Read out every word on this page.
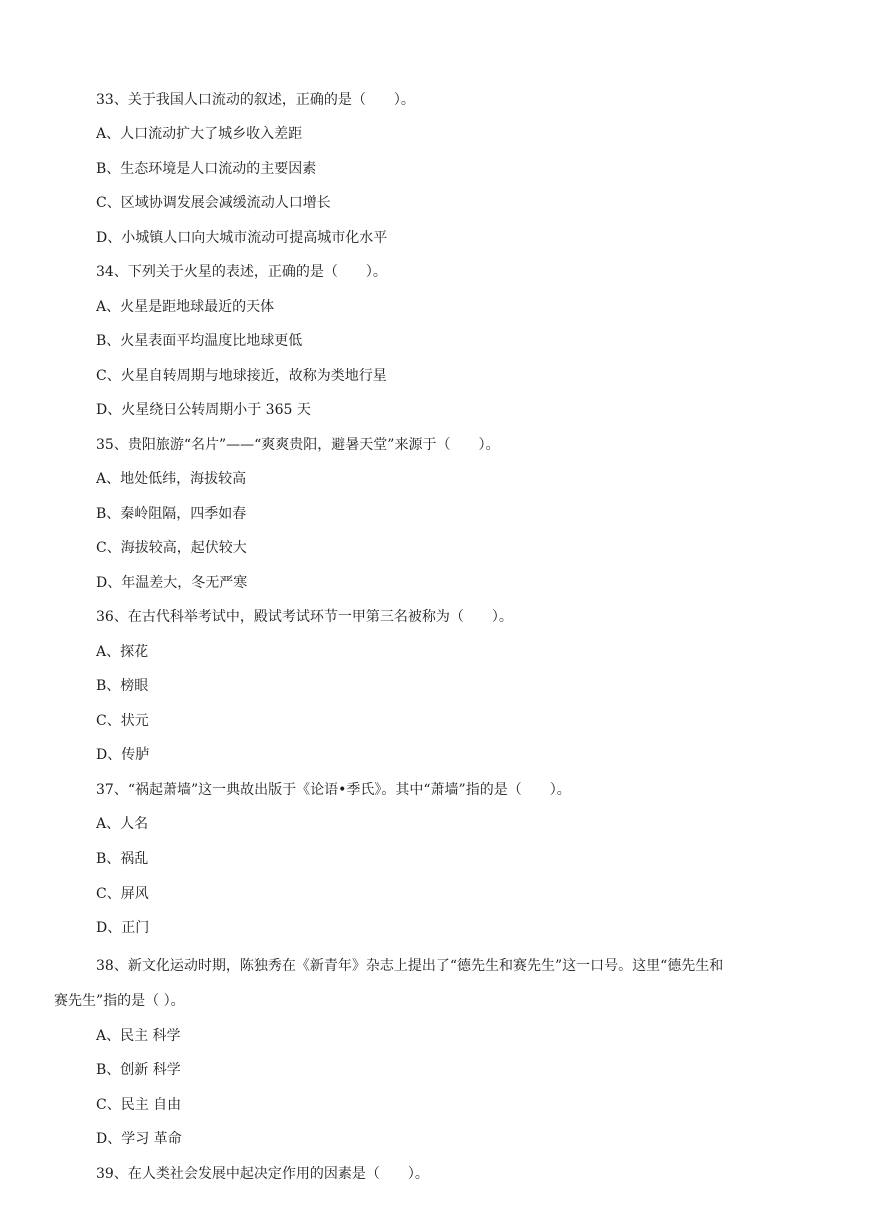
33、关于我国人口流动的叙述，正确的是（　　）。
A、人口流动扩大了城乡收入差距
B、生态环境是人口流动的主要因素
C、区域协调发展会减缓流动人口增长
D、小城镇人口向大城市流动可提高城市化水平
34、下列关于火星的表述，正确的是（　　）。
A、火星是距地球最近的天体
B、火星表面平均温度比地球更低
C、火星自转周期与地球接近，故称为类地行星
D、火星绕日公转周期小于 365 天
35、贵阳旅游“名片”——“爽爽贵阳，避暑天堂”来源于（　　）。
A、地处低纬，海拔较高
B、秦岭阻隔，四季如春
C、海拔较高，起伏较大
D、年温差大，冬无严寒
36、在古代科举考试中，殿试考试环节一甲第三名被称为（　　）。
A、探花
B、榜眼
C、状元
D、传胪
37、“祸起萧墙”这一典故出版于《论语•季氏》。其中“萧墙”指的是（　　）。
A、人名
B、祸乱
C、屏风
D、正门
38、新文化运动时期，陈独秀在《新青年》杂志上提出了“德先生和赛先生”这一口号。这里“德先生和
赛先生”指的是（ ）。
A、民主 科学
B、创新 科学
C、民主 自由
D、学习 革命
39、在人类社会发展中起决定作用的因素是（　　）。
